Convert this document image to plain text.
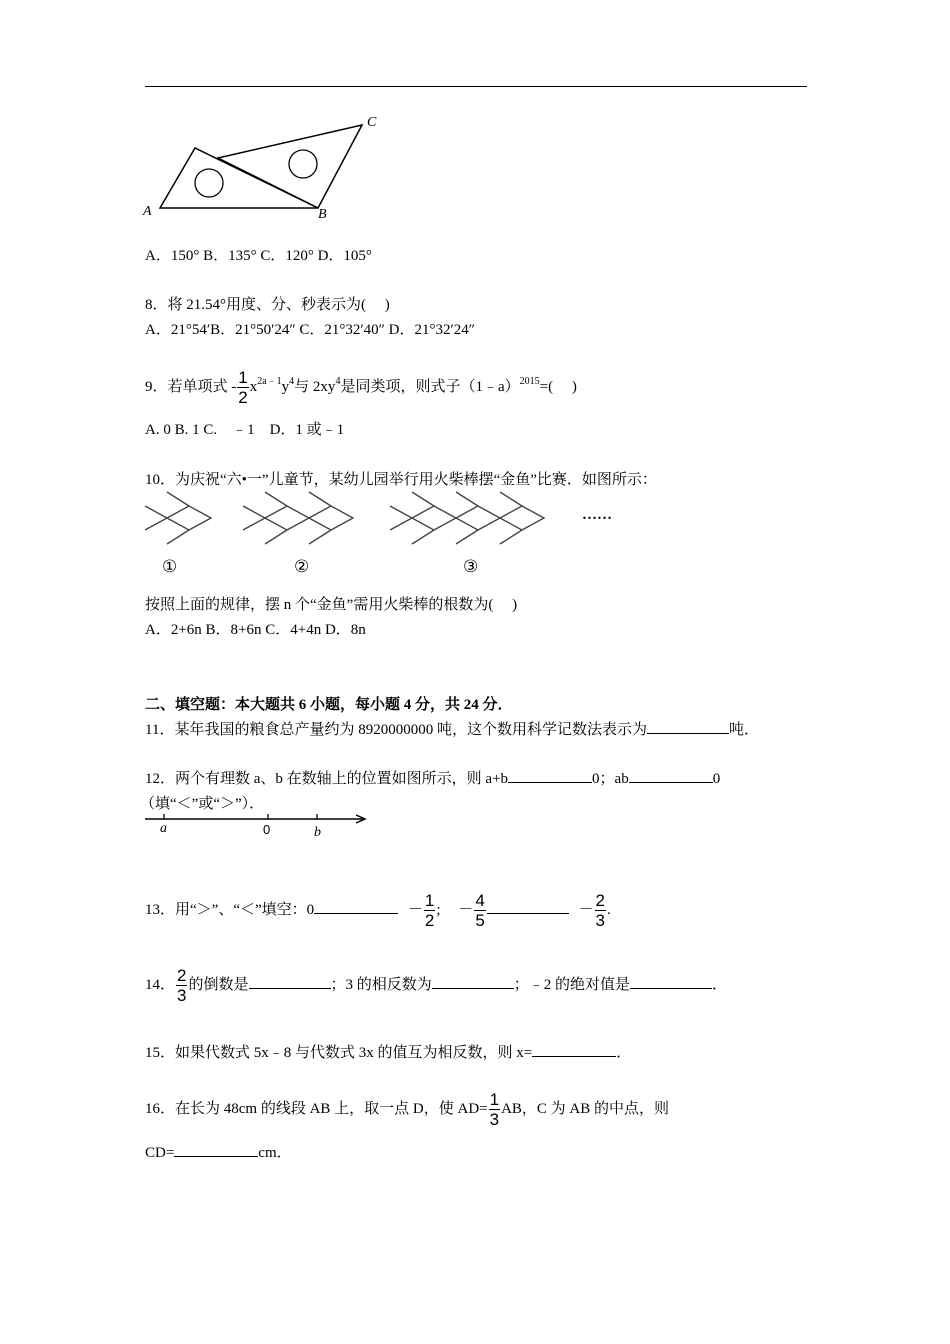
A	B
C
A．150° B．135° C．120° D．105°
8．将 21.54°用度、分、秒表示为(　 )
A．21°54′B．21°50′24″ C．21°32′40″ D．21°32′24″
9．若单项式 - $\frac{1}{2} x^{2a﹣1}y^4$与 $2xy^4$是同类项，则式子（1﹣a）$^{2015}$=(　 )
A. 0 B. 1 C.　﹣1　D．1 或﹣1
10．为庆祝“六•一”儿童节，某幼儿园举行用火柴棒摆“金鱼”比赛．如图所示：
……
①	②	③
按照上面的规律，摆 n 个“金鱼”需用火柴棒的根数为(　 )
A．2+6n B．8+6n C．4+4n D．8n
二、填空题：本大题共 6 小题，每小题 4 分，共 24 分．
11．某年我国的粮食总产量约为 8920000000 吨，这个数用科学记数法表示为	吨．
12．两个有理数 a、b 在数轴上的位置如图所示，则 a+b	0；ab	0
（填“＜”或“＞”）．
a	0	b
13．用“＞”、“＜”填空：0	－ $\frac{1}{2}$ ; － $\frac{4}{5}$	－ $\frac{2}{3}$ .
14． $\frac{2}{3}$ 的倒数是	；3 的相反数为	；﹣2 的绝对值是	．
15．如果代数式 5x﹣8 与代数式 3x 的值互为相反数，则 x=	．
16．在长为 48cm 的线段 AB 上，取一点 D，使 $AD= \frac{1}{3}$ AB，C 为 AB 的中点，则
CD=	cm．
